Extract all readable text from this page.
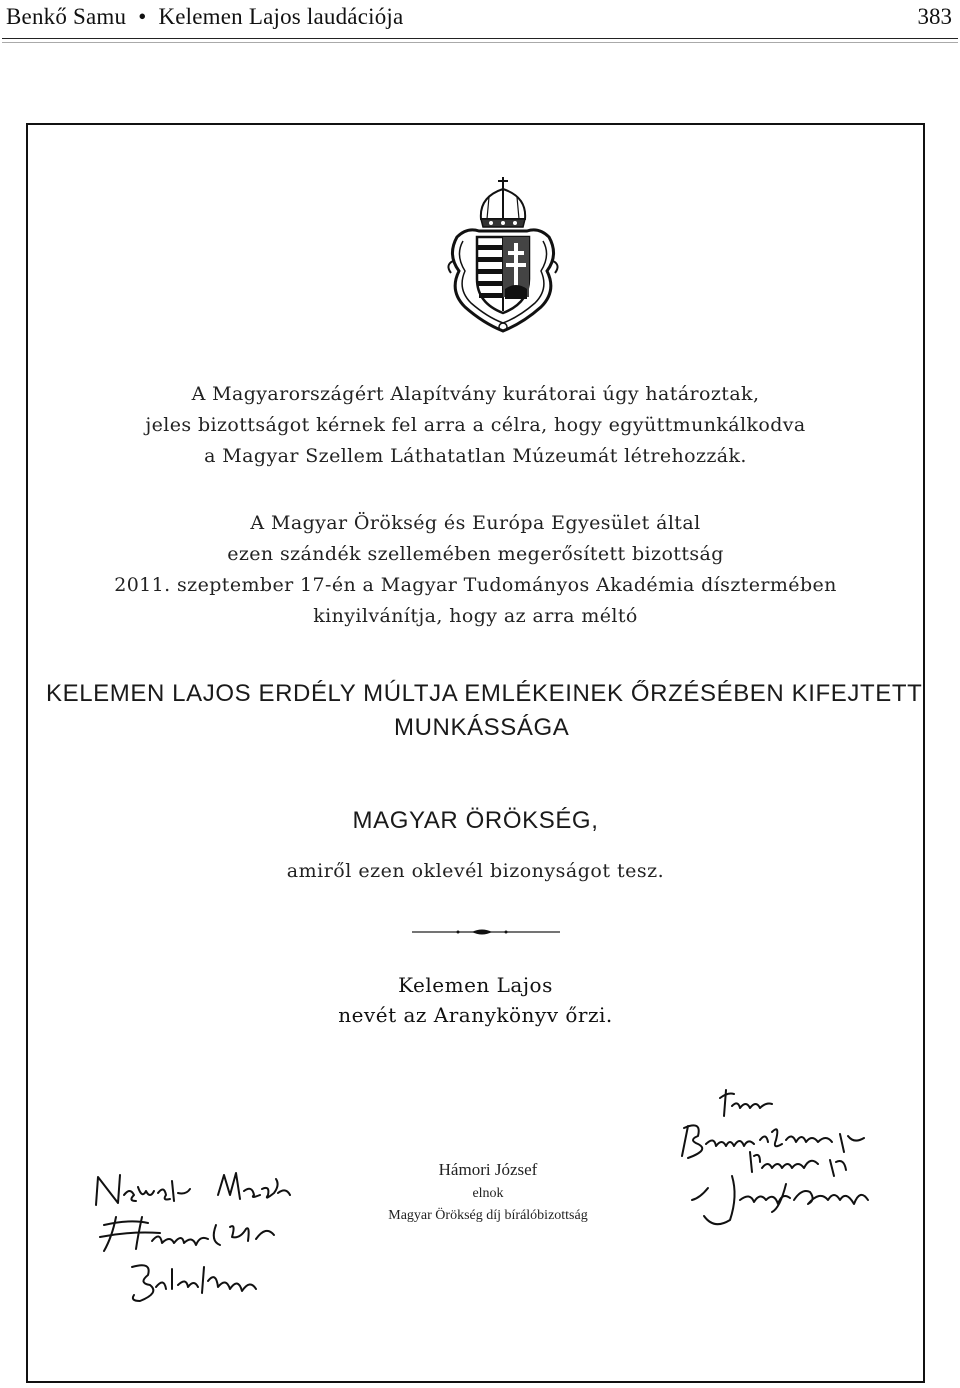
Benkő Samu • Kelemen Lajos laudációja	383
A Magyarországért Alapítvány kurátorai úgy határoztak,
jeles bizottságot kérnek fel arra a célra, hogy együttmunkálkodva
a Magyar Szellem Láthatatlan Múzeumát létrehozzák.
A Magyar Örökség és Európa Egyesület által
ezen szándék szellemében megerősített bizottság
2011. szeptember 17-én a Magyar Tudományos Akadémia dísztermében
kinyilvánítja, hogy az arra méltó
KELEMEN LAJOS ERDÉLY MÚLTJA EMLÉKEINEK ŐRZÉSÉBEN KIFEJTETT
MUNKÁSSÁGA
MAGYAR ÖRÖKSÉG,
amiről ezen oklevél bizonyságot tesz.
Kelemen Lajos
nevét az Aranykönyv őrzi.
Hámori József
elnok
Magyar Örökség díj bírálóbizottság
